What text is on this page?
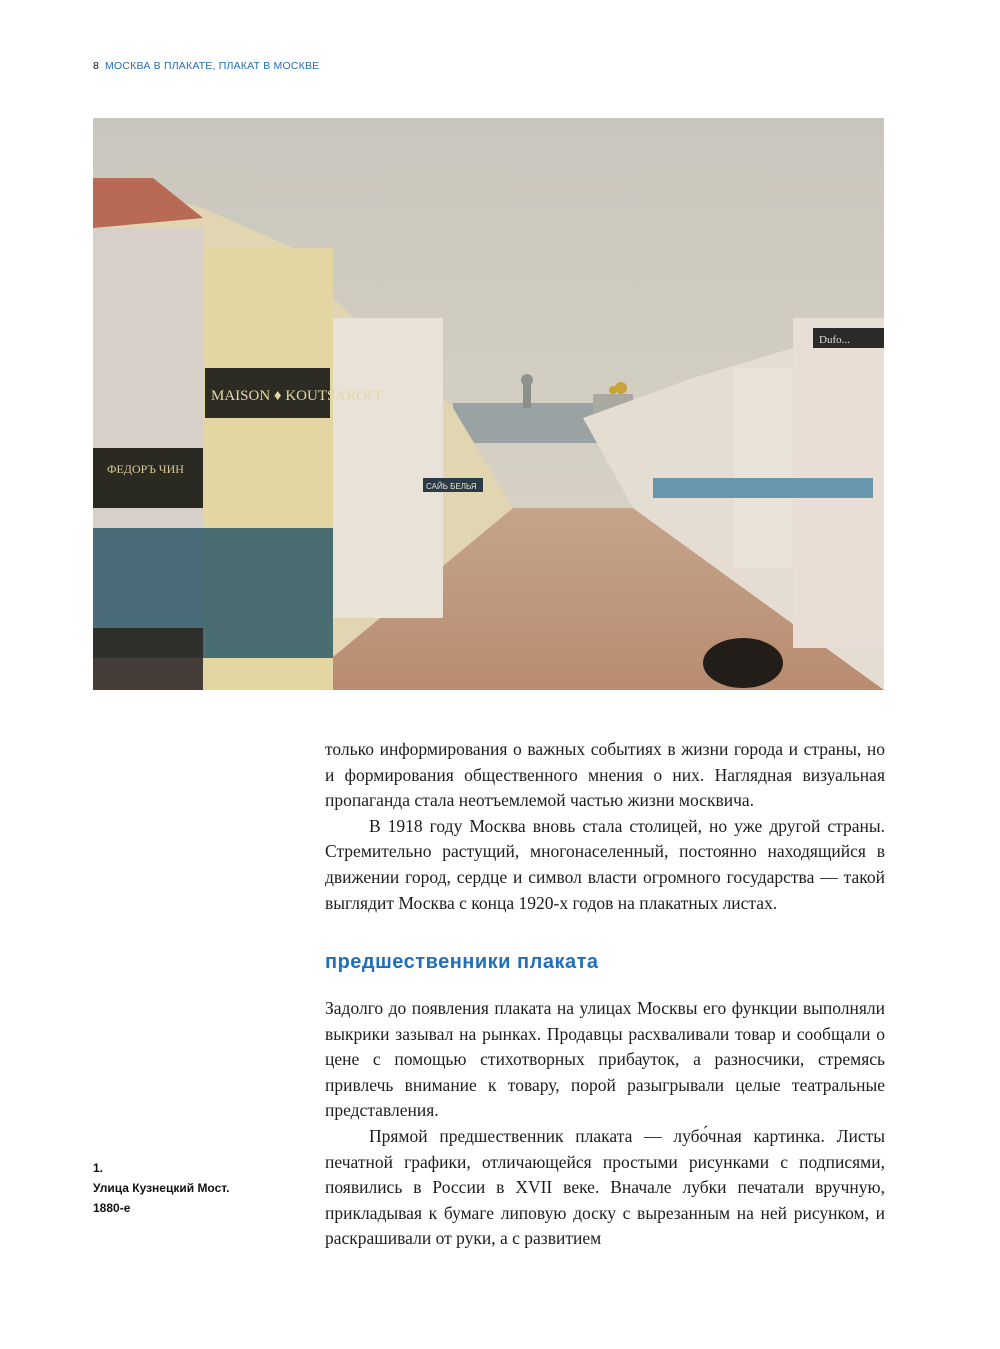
8 МОСКВА В ПЛАКАТЕ, ПЛАКАТ В МОСКВЕ
MAISON ♦ KOUTSAROFF
ФЕДОРЪ ЧИН
САЙЬ БЕЛЬЯ
Dufo...

только информирования о важных событиях в жизни города и страны, но и формирования общественного мнения о них. Наглядная визуальная пропаганда стала неотъемлемой частью жизни москвича.

В 1918 году Москва вновь стала столицей, но уже другой страны. Стремительно растущий, многонаселенный, постоянно находящийся в движении город, сердце и символ власти огромного государства — такой выглядит Москва с конца 1920-х годов на плакатных листах.

предшественники плаката

Задолго до появления плаката на улицах Москвы его функции выполняли выкрики зазывал на рынках. Продавцы расхваливали товар и сообщали о цене с помощью стихотворных прибауток, а разносчики, стремясь привлечь внимание к товару, порой разыгрывали целые театральные представления.

Прямой предшественник плаката — лубо́чная картинка. Листы печатной графики, отличающейся простыми рисунками с подписями, появились в России в XVII веке. Вначале лубки печатали вручную, прикладывая к бумаге липовую доску с вырезанным на ней рисунком, и раскрашивали от руки, а с развитием

1.
Улица Кузнецкий Мост.
1880-е
